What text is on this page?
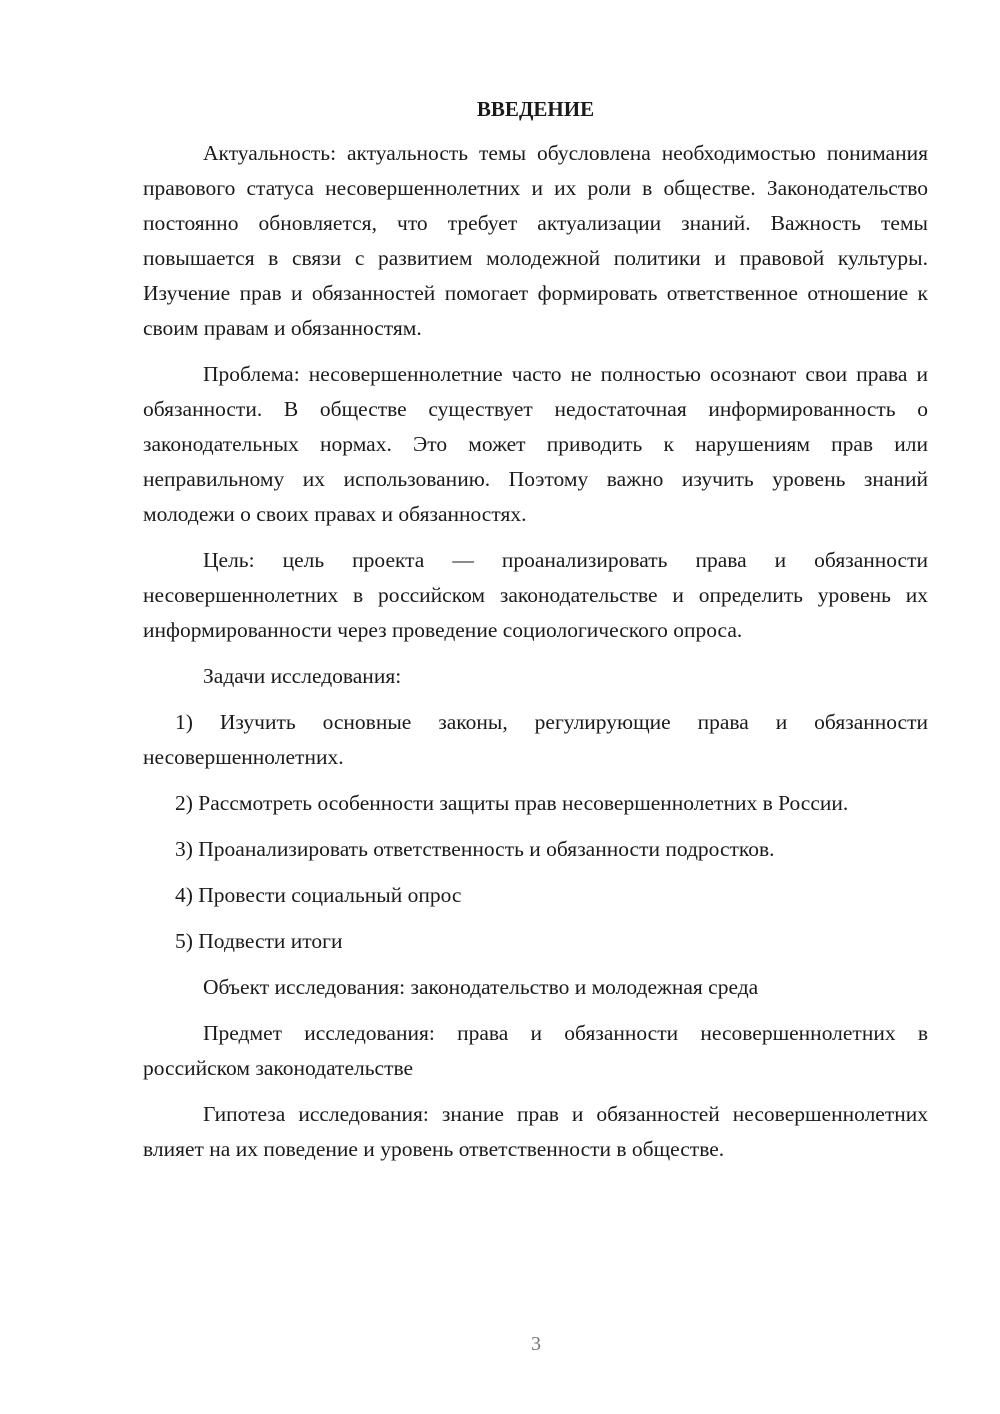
ВВЕДЕНИЕ

Актуальность: актуальность темы обусловлена необходимостью понимания правового статуса несовершеннолетних и их роли в обществе. Законодательство постоянно обновляется, что требует актуализации знаний. Важность темы повышается в связи с развитием молодежной политики и правовой культуры. Изучение прав и обязанностей помогает формировать ответственное отношение к своим правам и обязанностям.

Проблема: несовершеннолетние часто не полностью осознают свои права и обязанности. В обществе существует недостаточная информированность о законодательных нормах. Это может приводить к нарушениям прав или неправильному их использованию. Поэтому важно изучить уровень знаний молодежи о своих правах и обязанностях.

Цель: цель проекта — проанализировать права и обязанности несовершеннолетних в российском законодательстве и определить уровень их информированности через проведение социологического опроса.

Задачи исследования:

1) Изучить основные законы, регулирующие права и обязанности несовершеннолетних.

2) Рассмотреть особенности защиты прав несовершеннолетних в России.

3) Проанализировать ответственность и обязанности подростков.

4) Провести социальный опрос

5) Подвести итоги

Объект исследования: законодательство и молодежная среда

Предмет исследования: права и обязанности несовершеннолетних в российском законодательстве

Гипотеза исследования: знание прав и обязанностей несовершеннолетних влияет на их поведение и уровень ответственности в обществе.

3
